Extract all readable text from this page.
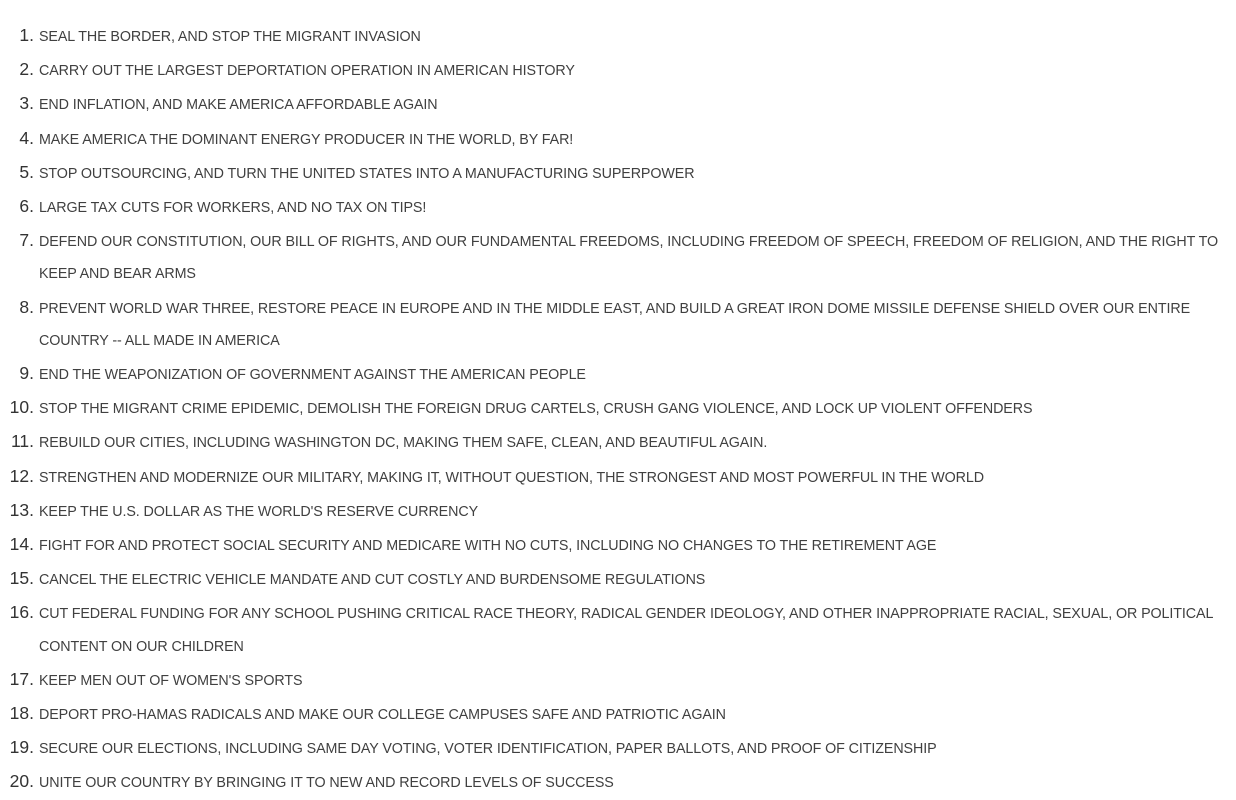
1. SEAL THE BORDER, AND STOP THE MIGRANT INVASION
2. CARRY OUT THE LARGEST DEPORTATION OPERATION IN AMERICAN HISTORY
3. END INFLATION, AND MAKE AMERICA AFFORDABLE AGAIN
4. MAKE AMERICA THE DOMINANT ENERGY PRODUCER IN THE WORLD, BY FAR!
5. STOP OUTSOURCING, AND TURN THE UNITED STATES INTO A MANUFACTURING SUPERPOWER
6. LARGE TAX CUTS FOR WORKERS, AND NO TAX ON TIPS!
7. DEFEND OUR CONSTITUTION, OUR BILL OF RIGHTS, AND OUR FUNDAMENTAL FREEDOMS, INCLUDING FREEDOM OF SPEECH, FREEDOM OF RELIGION, AND THE RIGHT TO KEEP AND BEAR ARMS
8. PREVENT WORLD WAR THREE, RESTORE PEACE IN EUROPE AND IN THE MIDDLE EAST, AND BUILD A GREAT IRON DOME MISSILE DEFENSE SHIELD OVER OUR ENTIRE COUNTRY -- ALL MADE IN AMERICA
9. END THE WEAPONIZATION OF GOVERNMENT AGAINST THE AMERICAN PEOPLE
10. STOP THE MIGRANT CRIME EPIDEMIC, DEMOLISH THE FOREIGN DRUG CARTELS, CRUSH GANG VIOLENCE, AND LOCK UP VIOLENT OFFENDERS
11. REBUILD OUR CITIES, INCLUDING WASHINGTON DC, MAKING THEM SAFE, CLEAN, AND BEAUTIFUL AGAIN.
12. STRENGTHEN AND MODERNIZE OUR MILITARY, MAKING IT, WITHOUT QUESTION, THE STRONGEST AND MOST POWERFUL IN THE WORLD
13. KEEP THE U.S. DOLLAR AS THE WORLD'S RESERVE CURRENCY
14. FIGHT FOR AND PROTECT SOCIAL SECURITY AND MEDICARE WITH NO CUTS, INCLUDING NO CHANGES TO THE RETIREMENT AGE
15. CANCEL THE ELECTRIC VEHICLE MANDATE AND CUT COSTLY AND BURDENSOME REGULATIONS
16. CUT FEDERAL FUNDING FOR ANY SCHOOL PUSHING CRITICAL RACE THEORY, RADICAL GENDER IDEOLOGY, AND OTHER INAPPROPRIATE RACIAL, SEXUAL, OR POLITICAL CONTENT ON OUR CHILDREN
17. KEEP MEN OUT OF WOMEN'S SPORTS
18. DEPORT PRO-HAMAS RADICALS AND MAKE OUR COLLEGE CAMPUSES SAFE AND PATRIOTIC AGAIN
19. SECURE OUR ELECTIONS, INCLUDING SAME DAY VOTING, VOTER IDENTIFICATION, PAPER BALLOTS, AND PROOF OF CITIZENSHIP
20. UNITE OUR COUNTRY BY BRINGING IT TO NEW AND RECORD LEVELS OF SUCCESS
